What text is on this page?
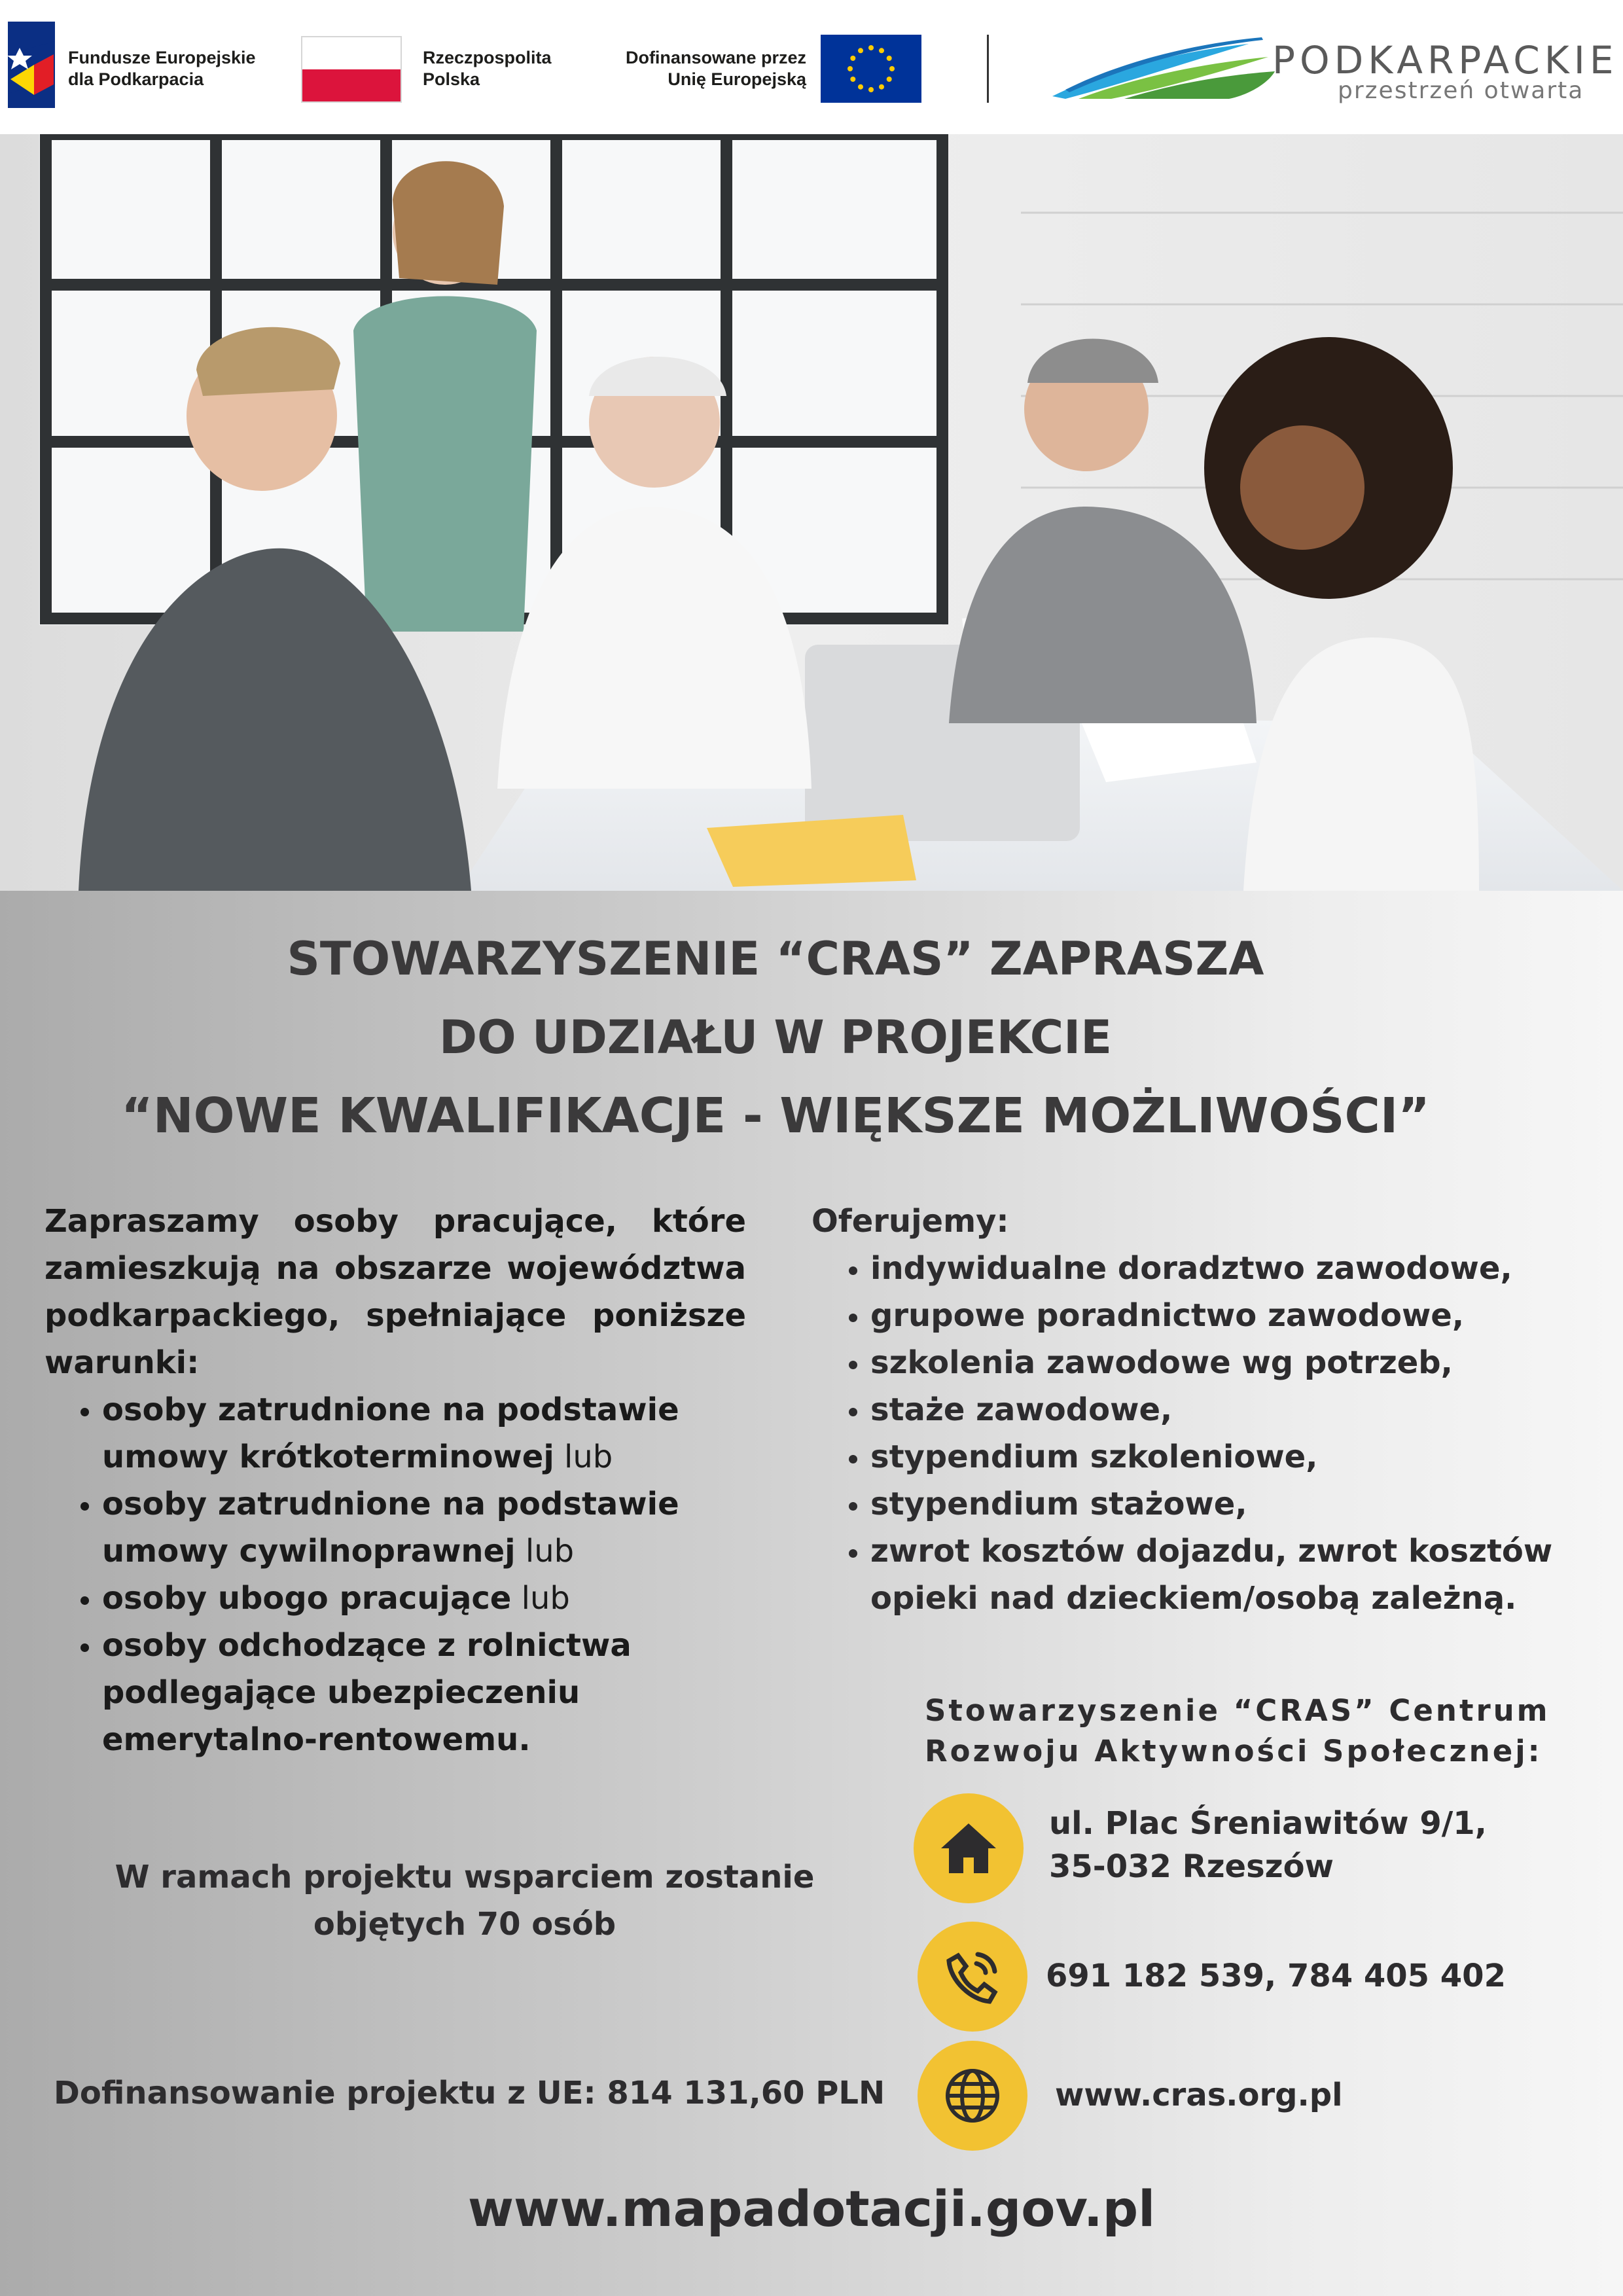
Fundusze Europejskie
dla Podkarpacia
Rzeczpospolita
Polska
Dofinansowane przez
Unię Europejską	PODKARPACKIE
przestrzeń otwarta
STOWARZYSZENIE “CRAS” ZAPRASZA
DO UDZIAŁU W PROJEKCIE
“NOWE KWALIFIKACJE - WIĘKSZE MOŻLIWOŚCI”

Zapraszamy osoby pracujące, które zamieszkują na obszarze województwa podkarpackiego, spełniające poniższe warunki:

• osoby zatrudnione na podstawie umowy krótkoterminowej lub
• osoby zatrudnione na podstawie umowy cywilnoprawnej lub
• osoby ubogo pracujące lub
• osoby odchodzące z rolnictwa podlegające ubezpieczeniu emerytalno-rentowemu.
Oferujemy:
• indywidualne doradztwo zawodowe,
• grupowe poradnictwo zawodowe,
• szkolenia zawodowe wg potrzeb,
• staże zawodowe,
• stypendium szkoleniowe,
• stypendium stażowe,
• zwrot kosztów dojazdu, zwrot kosztów opieki nad dzieckiem/osobą zależną.
W ramach projektu wsparciem zostanie
objętych 70 osób
Dofinansowanie projektu z UE: 814 131,60 PLN
Stowarzyszenie “CRAS” Centrum
Rozwoju Aktywności Społecznej:
ul. Plac Śreniawitów 9/1,
35-032 Rzeszów
691 182 539, 784 405 402
www.cras.org.pl
www.mapadotacji.gov.pl
